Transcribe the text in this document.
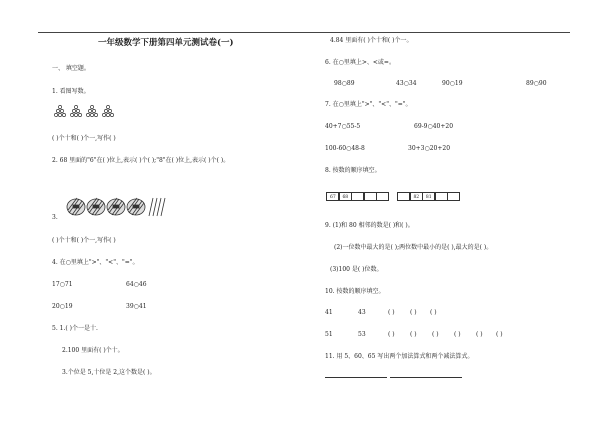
一年级数学下册第四单元测试卷(一)
一、 填空题。
1. 看图写数。
( )个十和( )个一,写作( )
2. 68 里面的"6"在( )位上,表示( )个( );"8"在( )位上,表示( )个( )。
3.
( )个十和( )个一,写作( )
4. 在○里填上">"、"<"、"="。
17○71	64○46
20○19	39○41
5. 1.( )个一是十.
2.100 里面有( )个十。
3.个位是 5,十位是 2,这个数是( )。
4.84 里面有( )个十和( )个一。
6. 在○里填上>、<或=。
98○89	43○34	90○19	89○90
7. 在○里填上">"、"<"、"="。
40+7○55-5	69-9○40+20
100-60○48-8	30+3○20+20
8. 按数的顺序填空。
67	68	82	81
9. (1)和 80 相邻的数是( )和( )。
(2)一位数中最大的是( );两位数中最小的是( ),最大的是( )。
(3)100 是( )位数。
10. 按数的顺序填空。
41	43	( )	( ) ( )
51	53	( )	( )	( )	( )	( ) ( )
11. 用 5、60、65 写出两个加法算式和两个减法算式。
